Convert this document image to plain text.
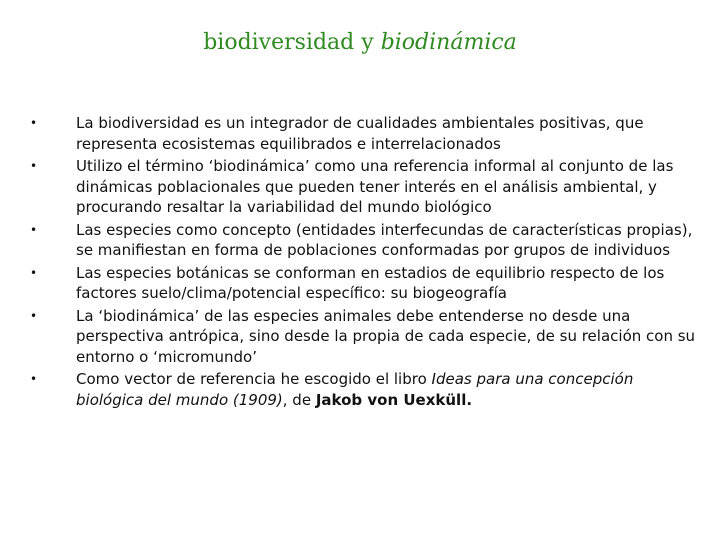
biodiversidad y biodinámica
•	La biodiversidad es un integrador de cualidades ambientales positivas, que representa ecosistemas equilibrados e interrelacionados
•	Utilizo el término ‘biodinámica’ como una referencia informal al conjunto de las dinámicas poblacionales que pueden tener interés en el análisis ambiental, y procurando resaltar la variabilidad del mundo biológico
•	Las especies como concepto (entidades interfecundas de características propias), se manifiestan en forma de poblaciones conformadas por grupos de individuos
•	Las especies botánicas se conforman en estadios de equilibrio respecto de los factores suelo/clima/potencial específico: su biogeografía
•	La ‘biodinámica’ de las especies animales debe entenderse no desde una perspectiva antrópica, sino desde la propia de cada especie, de su relación con su entorno o ‘micromundo’
•	Como vector de referencia he escogido el libro Ideas para una concepción biológica del mundo (1909), de Jakob von Uexküll.
